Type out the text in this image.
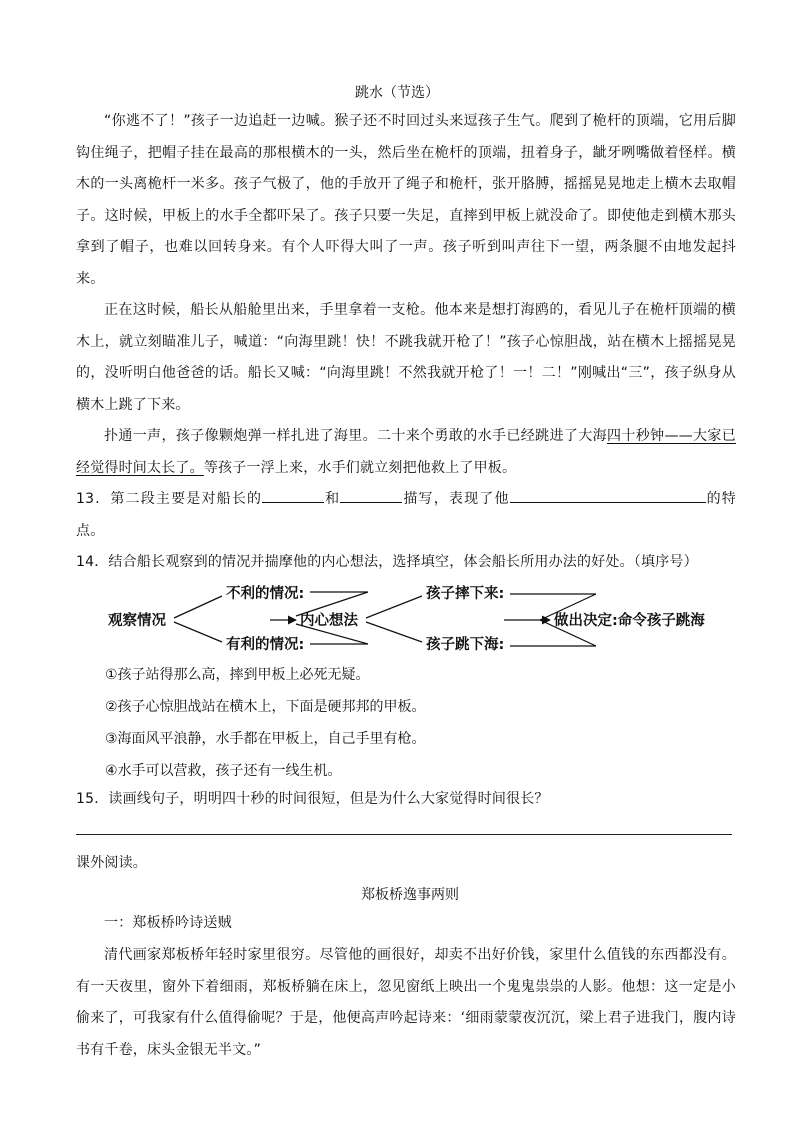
跳水（节选）
“你逃不了！”孩子一边追赶一边喊。猴子还不时回过头来逗孩子生气。爬到了桅杆的顶端，它用后脚钩住绳子，把帽子挂在最高的那根横木的一头，然后坐在桅杆的顶端，扭着身子，龇牙咧嘴做着怪样。横木的一头离桅杆一米多。孩子气极了，他的手放开了绳子和桅杆，张开胳膊，摇摇晃晃地走上横木去取帽子。这时候，甲板上的水手全都吓呆了。孩子只要一失足，直摔到甲板上就没命了。即使他走到横木那头拿到了帽子，也难以回转身来。有个人吓得大叫了一声。孩子听到叫声往下一望，两条腿不由地发起抖来。
正在这时候，船长从船舱里出来，手里拿着一支枪。他本来是想打海鸥的，看见儿子在桅杆顶端的横木上，就立刻瞄准儿子，喊道：“向海里跳！快！不跳我就开枪了！”孩子心惊胆战，站在横木上摇摇晃晃的，没听明白他爸爸的话。船长又喊：“向海里跳！不然我就开枪了！一！二！”刚喊出“三”，孩子纵身从横木上跳了下来。
扑通一声，孩子像颗炮弹一样扎进了海里。二十来个勇敢的水手已经跳进了大海四十秒钟——大家已经觉得时间太长了。等孩子一浮上来，水手们就立刻把他救上了甲板。
13．第二段主要是对船长的	和	描写，表现了他	的特点。
14．结合船长观察到的情况并揣摩他的内心想法，选择填空，体会船长所用办法的好处。（填序号）
观察情况
不利的情况:
有利的情况:
内心想法
孩子摔下来:
孩子跳下海:
做出决定:命令孩子跳海
①孩子站得那么高，摔到甲板上必死无疑。
②孩子心惊胆战站在横木上，下面是硬邦邦的甲板。
③海面风平浪静，水手都在甲板上，自己手里有枪。
④水手可以营救，孩子还有一线生机。
15．读画线句子，明明四十秒的时间很短，但是为什么大家觉得时间很长？
课外阅读。
郑板桥逸事两则
一：郑板桥吟诗送贼
清代画家郑板桥年轻时家里很穷。尽管他的画很好，却卖不出好价钱，家里什么值钱的东西都没有。有一天夜里，窗外下着细雨，郑板桥躺在床上，忽见窗纸上映出一个鬼鬼祟祟的人影。他想：这一定是小偷来了，可我家有什么值得偷呢？于是，他便高声吟起诗来：‘细雨蒙蒙夜沉沉，梁上君子进我门，腹内诗书有千卷，床头金银无半文。”
